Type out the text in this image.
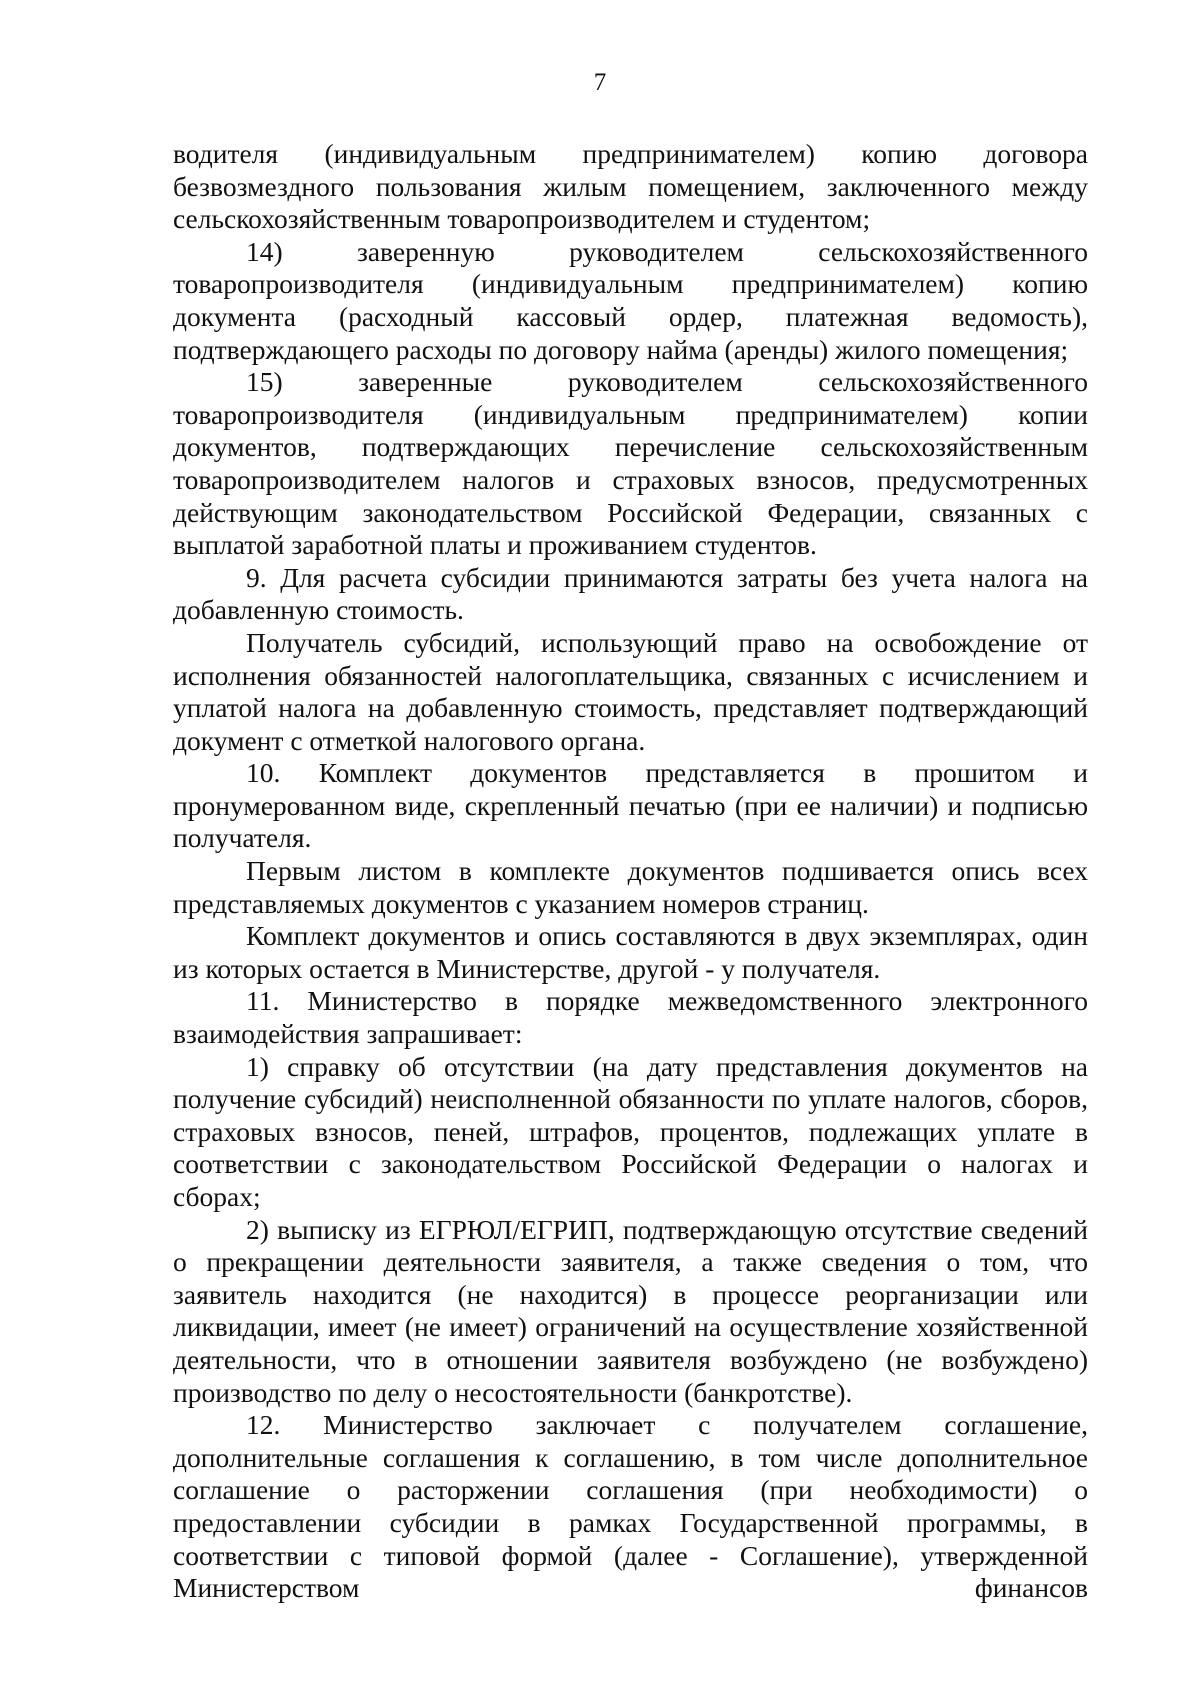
7

водителя (индивидуальным предпринимателем) копию договора безвозмездного пользования жилым помещением, заключенного между сельскохозяйственным товаропроизводителем и студентом;

14) заверенную руководителем сельскохозяйственного товаропроизводителя (индивидуальным предпринимателем) копию документа (расходный кассовый ордер, платежная ведомость), подтверждающего расходы по договору найма (аренды) жилого помещения;

15) заверенные руководителем сельскохозяйственного товаропроизводителя (индивидуальным предпринимателем) копии документов, подтверждающих перечисление сельскохозяйственным товаропроизводителем налогов и страховых взносов, предусмотренных действующим законодательством Российской Федерации, связанных с выплатой заработной платы и проживанием студентов.

9. Для расчета субсидии принимаются затраты без учета налога на добавленную стоимость.

Получатель субсидий, использующий право на освобождение от исполнения обязанностей налогоплательщика, связанных с исчислением и уплатой налога на добавленную стоимость, представляет подтверждающий документ с отметкой налогового органа.

10. Комплект документов представляется в прошитом и пронумерованном виде, скрепленный печатью (при ее наличии) и подписью получателя.

Первым листом в комплекте документов подшивается опись всех представляемых документов с указанием номеров страниц.

Комплект документов и опись составляются в двух экземплярах, один из которых остается в Министерстве, другой - у получателя.

11. Министерство в порядке межведомственного электронного взаимодействия запрашивает:

1) справку об отсутствии (на дату представления документов на получение субсидий) неисполненной обязанности по уплате налогов, сборов, страховых взносов, пеней, штрафов, процентов, подлежащих уплате в соответствии с законодательством Российской Федерации о налогах и сборах;

2) выписку из ЕГРЮЛ/ЕГРИП, подтверждающую отсутствие сведений о прекращении деятельности заявителя, а также сведения о том, что заявитель находится (не находится) в процессе реорганизации или ликвидации, имеет (не имеет) ограничений на осуществление хозяйственной деятельности, что в отношении заявителя возбуждено (не возбуждено) производство по делу о несостоятельности (банкротстве).

12. Министерство заключает с получателем соглашение, дополнительные соглашения к соглашению, в том числе дополнительное соглашение о расторжении соглашения (при необходимости) о предоставлении субсидии в рамках Государственной программы, в соответствии с типовой формой (далее - Соглашение), утвержденной Министерством финансов
